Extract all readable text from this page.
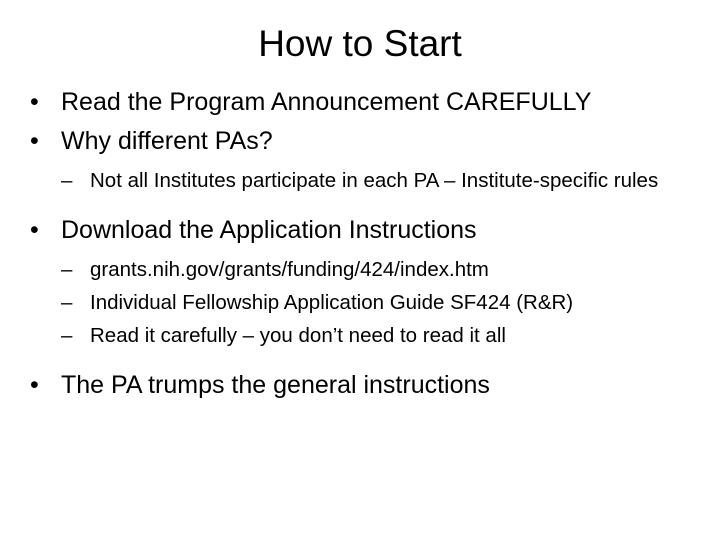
How to Start
• Read the Program Announcement CAREFULLY
• Why different PAs?
– Not all Institutes participate in each PA – Institute-specific rules
• Download the Application Instructions
– grants.nih.gov/grants/funding/424/index.htm
– Individual Fellowship Application Guide SF424 (R&R)
– Read it carefully – you don’t need to read it all
• The PA trumps the general instructions
